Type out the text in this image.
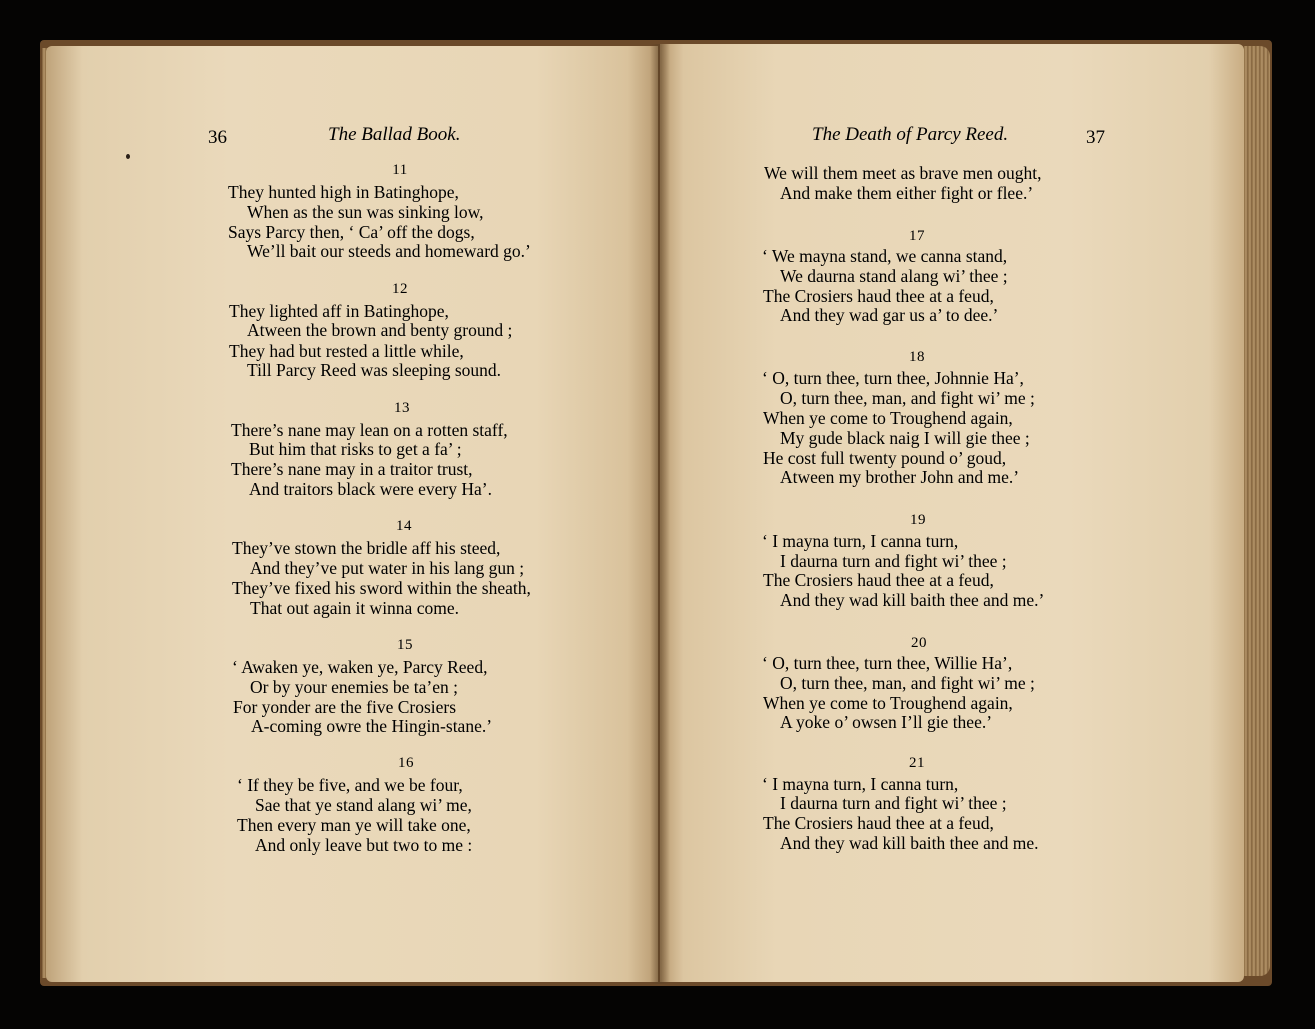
36	The Ballad Book.	The Death of Parcy Reed.	37
11
They hunted high in Batinghope,
When as the sun was sinking low,
Says Parcy then, ‘ Ca’ off the dogs,
We’ll bait our steeds and homeward go.’
12
They lighted aff in Batinghope,
Atween the brown and benty ground ;
They had but rested a little while,
Till Parcy Reed was sleeping sound.
13
There’s nane may lean on a rotten staff,
But him that risks to get a fa’ ;
There’s nane may in a traitor trust,
And traitors black were every Ha’.
14
They’ve stown the bridle aff his steed,
And they’ve put water in his lang gun ;
They’ve fixed his sword within the sheath,
That out again it winna come.
15
‘ Awaken ye, waken ye, Parcy Reed,
Or by your enemies be ta’en ;
For yonder are the five Crosiers
A-coming owre the Hingin-stane.’
16
‘ If they be five, and we be four,
Sae that ye stand alang wi’ me,
Then every man ye will take one,
And only leave but two to me :
We will them meet as brave men ought,
And make them either fight or flee.’
17
‘ We mayna stand, we canna stand,
We daurna stand alang wi’ thee ;
The Crosiers haud thee at a feud,
And they wad gar us a’ to dee.’
18
‘ O, turn thee, turn thee, Johnnie Ha’,
O, turn thee, man, and fight wi’ me ;
When ye come to Troughend again,
My gude black naig I will gie thee ;
He cost full twenty pound o’ goud,
Atween my brother John and me.’
19
‘ I mayna turn, I canna turn,
I daurna turn and fight wi’ thee ;
The Crosiers haud thee at a feud,
And they wad kill baith thee and me.’
20
‘ O, turn thee, turn thee, Willie Ha’,
O, turn thee, man, and fight wi’ me ;
When ye come to Troughend again,
A yoke o’ owsen I’ll gie thee.’
21
‘ I mayna turn, I canna turn,
I daurna turn and fight wi’ thee ;
The Crosiers haud thee at a feud,
And they wad kill baith thee and me.
